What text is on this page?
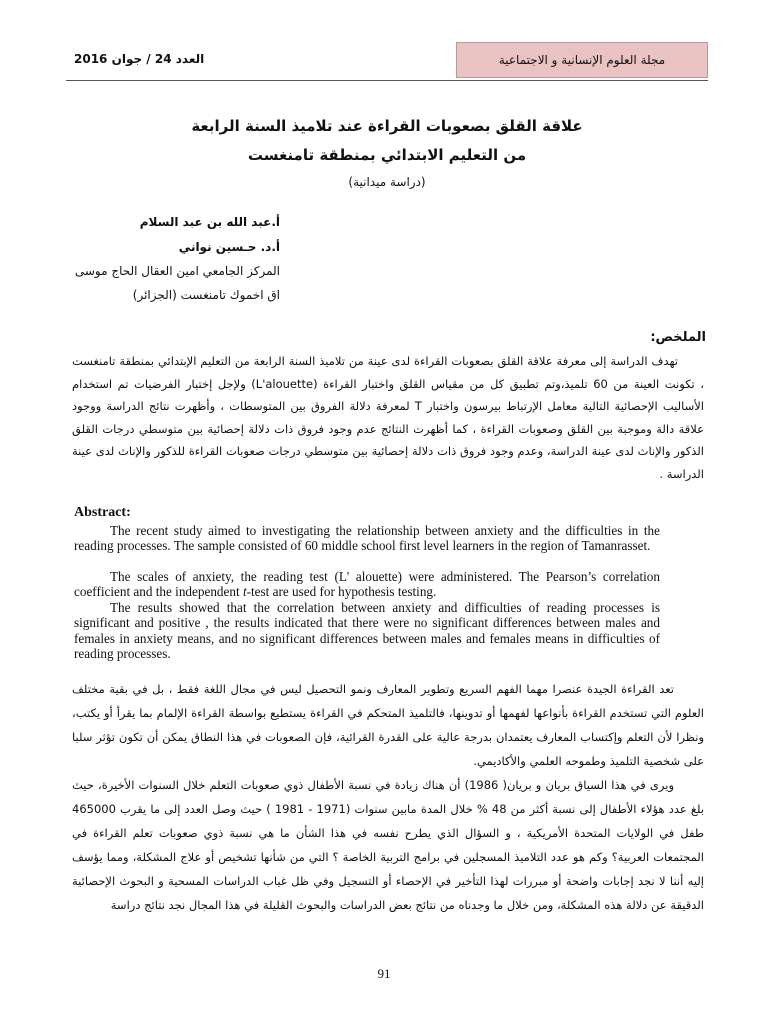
مجلة العلوم الإنسانية و الاجتماعية
العدد 24 / جوان 2016
علاقة القلق بصعوبات القراءة عند تلاميذ السنة الرابعة
من التعليم الابتدائي بمنطقة تامنغست
(دراسة ميدانية)
أ.عبد الله بن عبد السلام
أ.د. حـسين نواني
المركز الجامعي امين العقال الحاج موسى
اق اخموك تامنغست (الجزائر)
الملخص:
تهدف الدراسة إلى معرفة علاقة القلق بصعوبات القراءة لدى عينة من تلاميذ السنة الرابعة من التعليم الإبتدائي بمنطقة تامنغست ، تكونت العينة من 60 تلميذ،وتم تطبيق كل من مقياس القلق واختبار القراءة (L'alouette) ولإجل إختبار الفرضيات تم استخدام الأساليب الإحصائية التالية معامل الإرتباط بيرسون واختبار T لمعرفة دلالة الفروق بين المتوسطات ، وأظهرت نتائج الدراسة ووجود علاقة دالة وموجبة بين القلق وصعوبات القراءة ، كما أظهرت النتائج عدم وجود فروق ذات دلالة إحصائية بين متوسطي درجات القلق الذكور والإناث لدى عينة الدراسة، وعدم وجود فروق ذات دلالة إحصائية بين متوسطي درجات صعوبات القراءة للذكور والإناث لدى عينة الدراسة .
Abstract:
The recent study aimed to investigating the relationship between anxiety and the difficulties in the reading processes. The sample consisted of 60 middle school first level learners in the region of Tamanrasset.
The scales of anxiety, the reading test (L' alouette) were administered. The Pearson’s correlation coefficient and the independent t-test are used for hypothesis testing.
The results showed that the correlation between anxiety and difficulties of reading processes is significant and positive , the results indicated that there were no significant differences between males and females in anxiety means, and no significant differences between males and females means in difficulties of reading processes.
تعد القراءة الجيدة عنصرا مهما الفهم السريع وتطوير المعارف ونمو التحصيل ليس في مجال اللغة فقط ، بل في بقية مختلف العلوم التي تستخدم القراءة بأنواعها لفهمها أو تدوينها، فالتلميذ المتحكم في القراءة يستطيع بواسطة القراءة الإلمام بما يقرأ أو يكتب، ونظرا لأن التعلم وإكتساب المعارف يعتمدان بدرجة عالية على القدرة القرائية، فإن الصعوبات في هذا النطاق يمكن أن تكون تؤثر سلبا على شخصية التلميذ وطموحه العلمي والأكاديمي.
ويرى في هذا السياق بريان و بريان( 1986) أن هناك زيادة في نسبة الأطفال ذوي صعوبات التعلم خلال السنوات الأخيرة، حيث بلغ عدد هؤلاء الأطفال إلى نسبة أكثر من 48 % خلال المدة مابين سنوات (1971 - 1981 ) حيث وصل العدد إلى ما يقرب 465000 طفل في الولايات المتحدة الأمريكية ، و السؤال الذي يطرح نفسه في هذا الشأن ما هي نسبة ذوي صعوبات تعلم القراءة في المجتمعات العربية؟ وكم هو عدد التلاميذ المسجلين في برامج التربية الخاصة ؟ التي من شأنها تشخيص أو علاج المشكلة، ومما يؤسف إليه أننا لا نجد إجابات واضحة أو مبررات لهذا التأخير في الإحصاء أو التسجيل وفي ظل غياب الدراسات المسحية و البحوث الإحصائية الدقيقة عن دلالة هذه المشكلة، ومن خلال ما وجدناه من نتائج بعض الدراسات والبحوث القليلة في هذا المجال نجد نتائج دراسة
91
